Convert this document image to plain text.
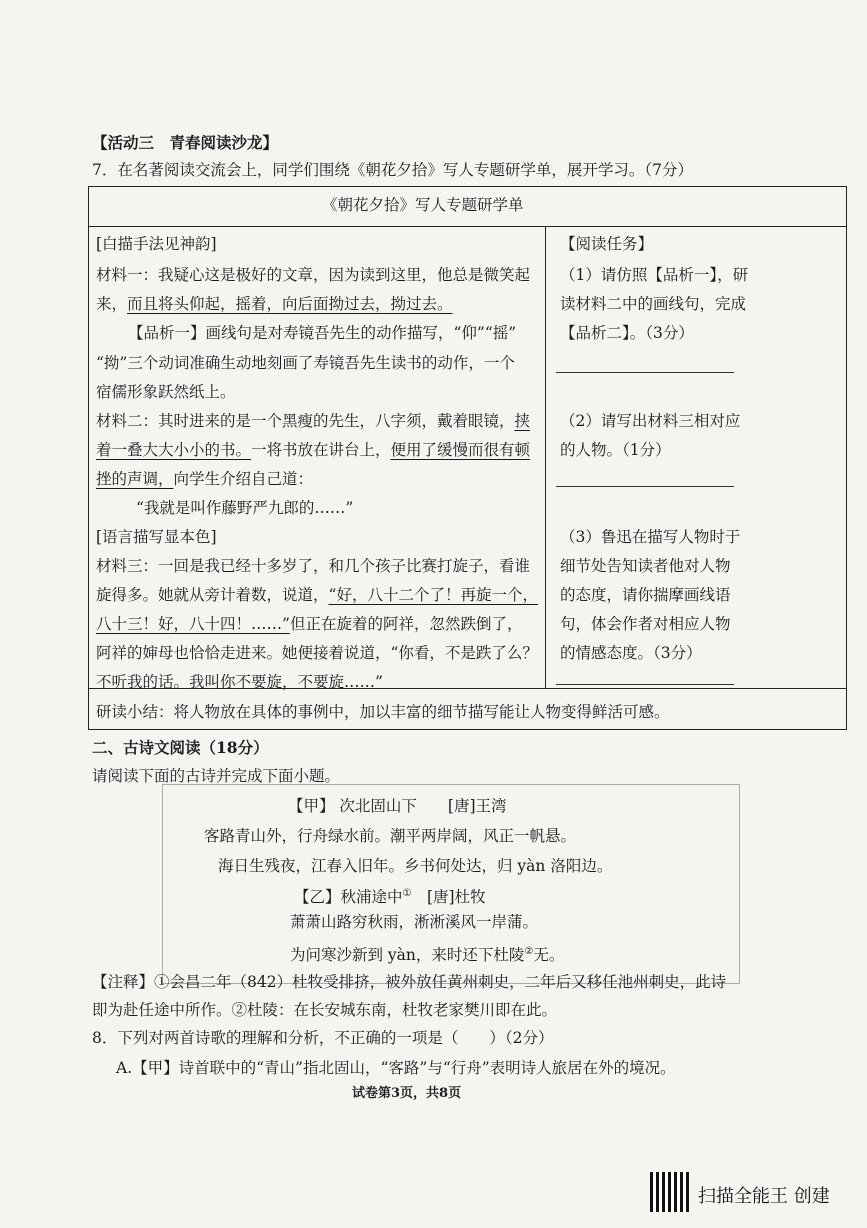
【活动三　青春阅读沙龙】
7．在名著阅读交流会上，同学们围绕《朝花夕拾》写人专题研学单，展开学习。（7分）
《朝花夕拾》写人专题研学单
[白描手法见神韵]
材料一：我疑心这是极好的文章，因为读到这里，他总是微笑起
来，而且将头仰起，摇着，向后面拗过去，拗过去。
【品析一】画线句是对寿镜吾先生的动作描写，“仰”“摇”
“拗”三个动词准确生动地刻画了寿镜吾先生读书的动作，一个
宿儒形象跃然纸上。
材料二：其时进来的是一个黑瘦的先生，八字须，戴着眼镜，挟
着一叠大大小小的书。一将书放在讲台上，便用了缓慢而很有顿
挫的声调，向学生介绍自己道：
“我就是叫作藤野严九郎的……”
[语言描写显本色]
材料三：一回是我已经十多岁了，和几个孩子比赛打旋子，看谁
旋得多。她就从旁计着数，说道，“好，八十二个了！再旋一个，
八十三！好，八十四！……”但正在旋着的阿祥，忽然跌倒了，
阿祥的婶母也恰恰走进来。她便接着说道，“你看，不是跌了么？
不听我的话。我叫你不要旋，不要旋……”
【阅读任务】
（1）请仿照【品析一】，研
读材料二中的画线句，完成
【品析二】。（3分）
（2）请写出材料三相对应
的人物。（1分）
（3）鲁迅在描写人物时于
细节处告知读者他对人物
的态度，请你揣摩画线语
句，体会作者对相应人物
的情感态度。（3分）
研读小结：将人物放在具体的事例中，加以丰富的细节描写能让人物变得鲜活可感。
二、古诗文阅读（18分）
请阅读下面的古诗并完成下面小题。
【甲】 次北固山下　　[唐]王湾
客路青山外，行舟绿水前。潮平两岸阔，风正一帆悬。
海日生残夜，江春入旧年。乡书何处达，归 yàn 洛阳边。
【乙】秋浦途中①　[唐]杜牧
萧萧山路穷秋雨，淅淅溪风一岸蒲。
为问寒沙新到 yàn，来时还下杜陵②无。
【注释】①会昌二年（842）杜牧受排挤，被外放任黄州刺史，二年后又移任池州刺史，此诗
即为赴任途中所作。②杜陵：在长安城东南，杜牧老家樊川即在此。
8．下列对两首诗歌的理解和分析，不正确的一项是（　　）（2分）
A.【甲】诗首联中的“青山”指北固山，“客路”与“行舟”表明诗人旅居在外的境况。
试卷第3页，共8页
扫描全能王 创建
